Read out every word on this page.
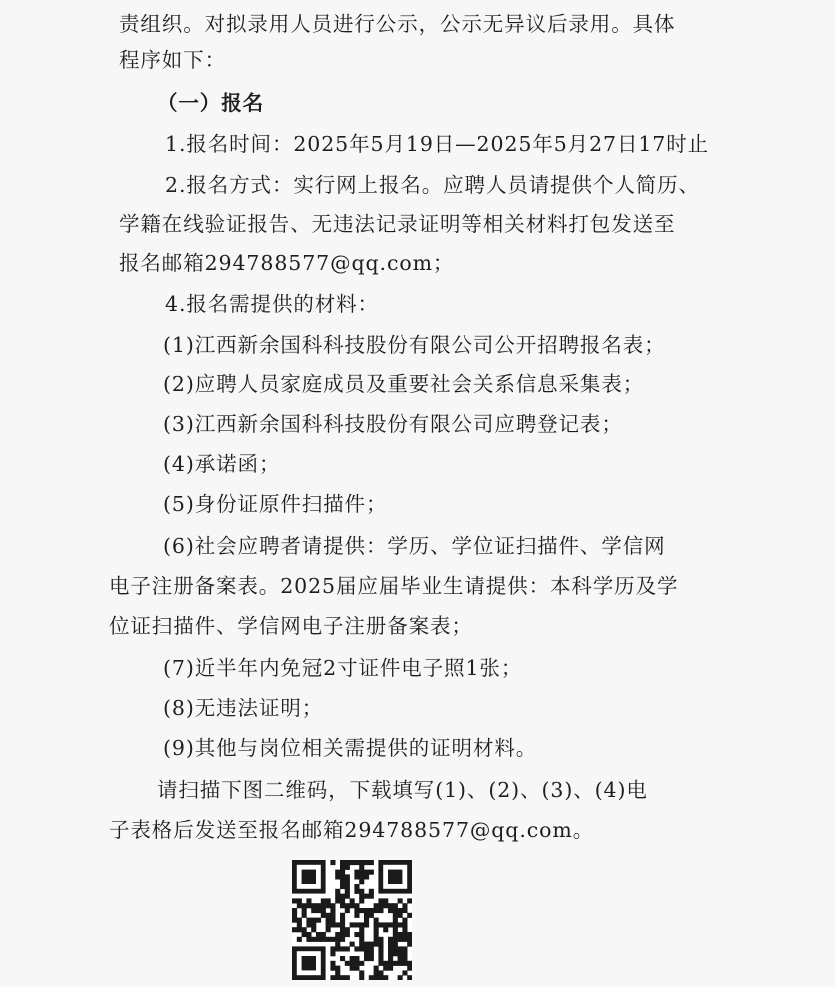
责组织。对拟录用人员进行公示，公示无异议后录用。具体
程序如下：
（一）报名
1.报名时间：2025年5月19日—2025年5月27日17时止
2.报名方式：实行网上报名。应聘人员请提供个人简历、
学籍在线验证报告、无违法记录证明等相关材料打包发送至
报名邮箱294788577@qq.com；
4.报名需提供的材料：
(1)江西新余国科科技股份有限公司公开招聘报名表；
(2)应聘人员家庭成员及重要社会关系信息采集表；
(3)江西新余国科科技股份有限公司应聘登记表；
(4)承诺函；
(5)身份证原件扫描件；
(6)社会应聘者请提供：学历、学位证扫描件、学信网
电子注册备案表。2025届应届毕业生请提供：本科学历及学
位证扫描件、学信网电子注册备案表；
(7)近半年内免冠2寸证件电子照1张；
(8)无违法证明；
(9)其他与岗位相关需提供的证明材料。
请扫描下图二维码，下载填写(1)、(2)、(3)、(4)电
子表格后发送至报名邮箱294788577@qq.com。
